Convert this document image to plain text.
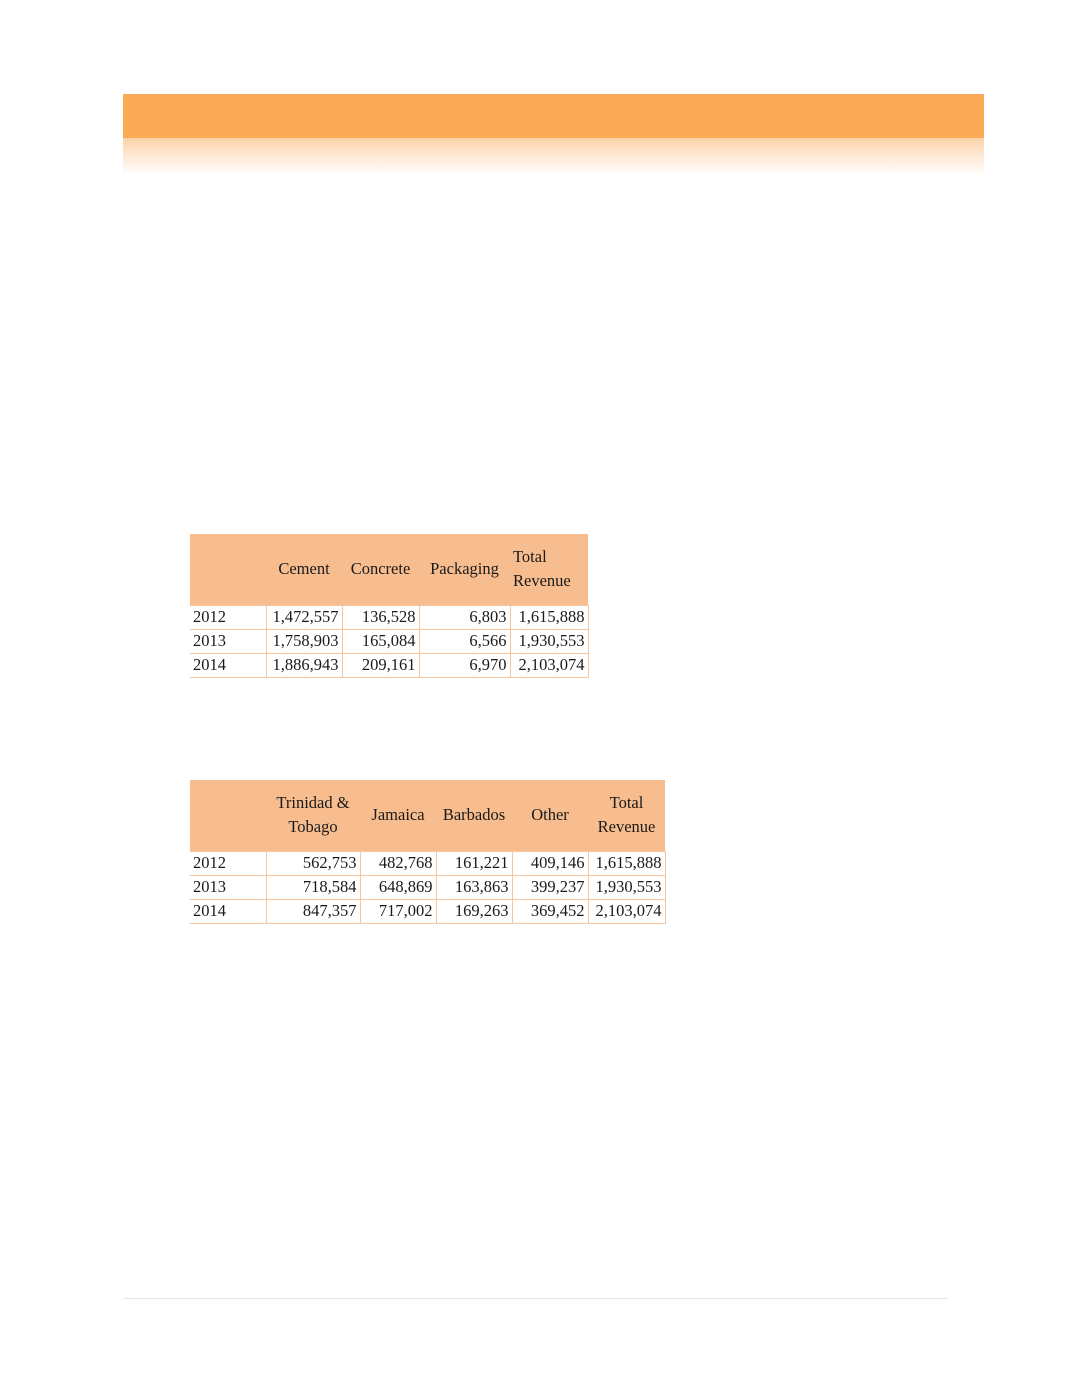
	Cement	Concrete	Packaging	Total Revenue
2012	1,472,557	136,528	6,803	1,615,888
2013	1,758,903	165,084	6,566	1,930,553
2014	1,886,943	209,161	6,970	2,103,074
	Trinidad & Tobago	Jamaica	Barbados	Other	Total Revenue
2012	562,753	482,768	161,221	409,146	1,615,888
2013	718,584	648,869	163,863	399,237	1,930,553
2014	847,357	717,002	169,263	369,452	2,103,074
